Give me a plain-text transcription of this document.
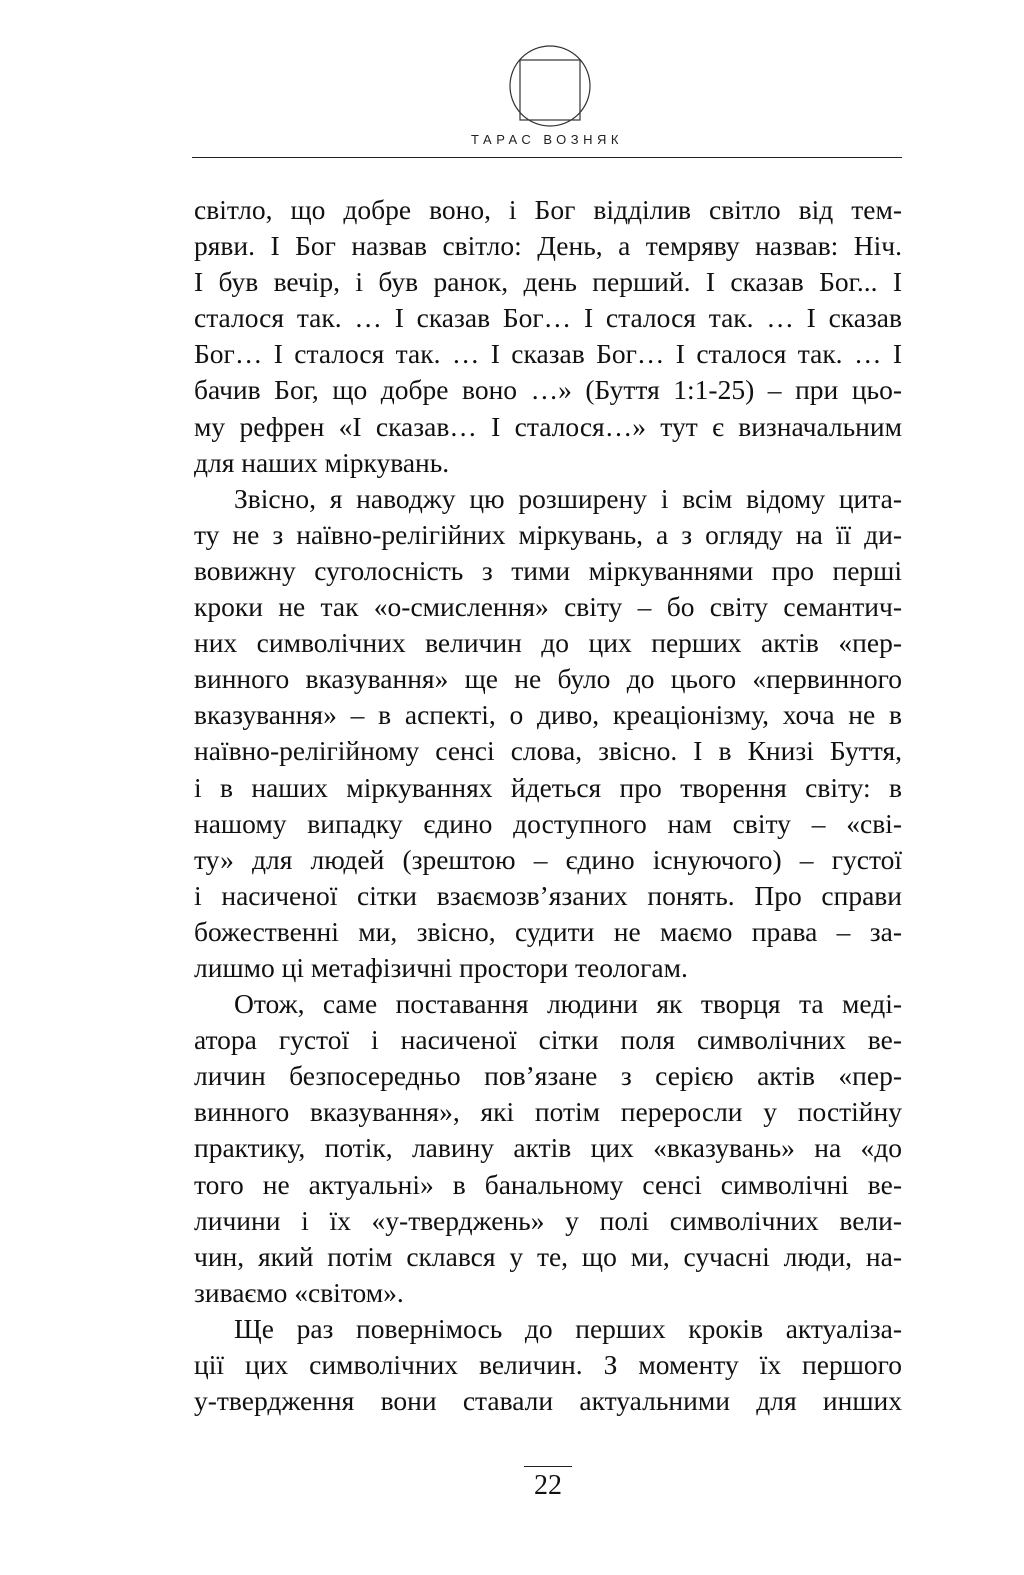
ТАРАС ВОЗНЯК
світло, що добре воно, і Бог відділив світло від тем-
ряви. І Бог назвав світло: День, а темряву назвав: Ніч.
І був вечір, і був ранок, день перший. І сказав Бог... І
сталося так. … І сказав Бог… І сталося так. … І сказав
Бог… І сталося так. … І сказав Бог… І сталося так. … І
бачив Бог, що добре воно …» (Буття 1:1-25) – при цьо-
му рефрен «І сказав… І сталося…» тут є визначальним
для наших міркувань.
Звісно, я наводжу цю розширену і всім відому цита-
ту не з наївно-релігійних міркувань, а з огляду на її ди-
вовижну суголосність з тими міркуваннями про перші
кроки не так «о-смислення» світу – бо світу семантич-
них символічних величин до цих перших актів «пер-
винного вказування» ще не було до цього «первинного
вказування» – в аспекті, о диво, креаціонізму, хоча не в
наївно-релігійному сенсі слова, звісно. І в Книзі Буття,
і в наших міркуваннях йдеться про творення світу: в
нашому випадку єдино доступного нам світу – «сві-
ту» для людей (зрештою – єдино існуючого) – густої
і насиченої сітки взаємозв’язаних понять. Про справи
божественні ми, звісно, судити не маємо права – за-
лишмо ці метафізичні простори теологам.
Отож, саме поставання людини як творця та меді-
атора густої і насиченої сітки поля символічних ве-
личин безпосередньо пов’язане з серією актів «пер-
винного вказування», які потім переросли у постійну
практику, потік, лавину актів цих «вказувань» на «до
того не актуальні» в банальному сенсі символічні ве-
личини і їх «у-тверджень» у полі символічних вели-
чин, який потім склався у те, що ми, сучасні люди, на-
зиваємо «світом».
Ще раз повернімось до перших кроків актуаліза-
ції цих символічних величин. З моменту їх першого
у-твердження вони ставали актуальними для инших
22
